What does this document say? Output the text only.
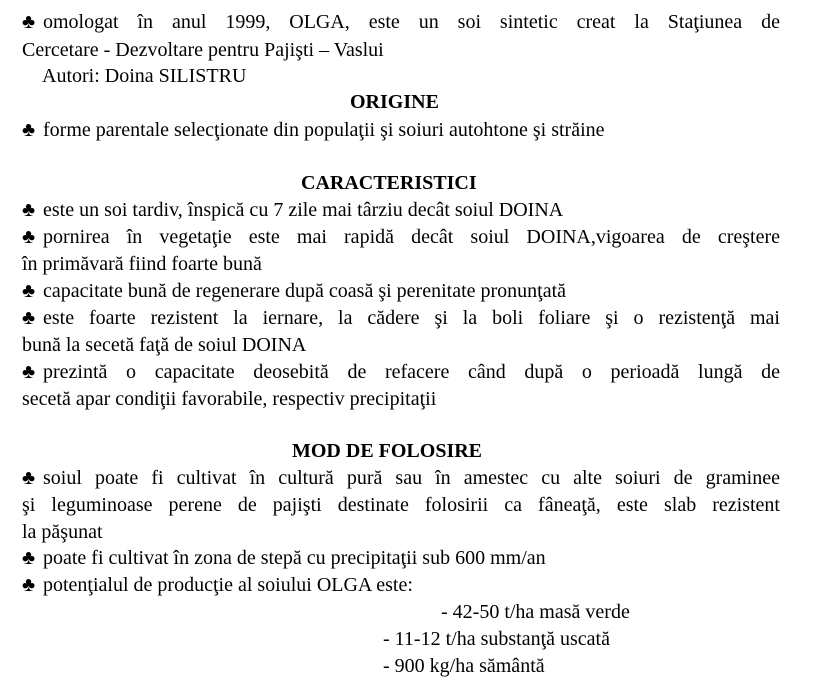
♣ omologat în anul 1999, OLGA, este un soi sintetic creat la Staţiunea de
Cercetare - Dezvoltare pentru Pajişti – Vaslui
Autori: Doina SILISTRU
ORIGINE
♣ forme parentale selecţionate din populaţii şi soiuri autohtone şi străine
CARACTERISTICI
♣ este un soi tardiv, înspică cu 7 zile mai târziu decât soiul DOINA
♣ pornirea în vegetaţie este mai rapidă decât soiul DOINA,vigoarea de creştere
în primăvară fiind foarte bună
♣ capacitate bună de regenerare după coasă şi perenitate pronunţată
♣ este foarte rezistent la iernare, la cădere şi la boli foliare şi o rezistenţă mai
bună la secetă faţă de soiul DOINA
♣ prezintă o capacitate deosebită de refacere când după o perioadă lungă de
secetă apar condiţii favorabile, respectiv precipitaţii
MOD DE FOLOSIRE
♣ soiul poate fi cultivat în cultură pură sau în amestec cu alte soiuri de graminee
şi leguminoase perene de pajişti destinate folosirii ca fâneaţă, este slab rezistent
la păşunat
♣ poate fi cultivat în zona de stepă cu precipitaţii sub 600 mm/an
♣ potenţialul de producţie al soiului OLGA este:
- 42-50 t/ha masă verde
- 11-12 t/ha substanţă uscată
- 900 kg/ha sământă
